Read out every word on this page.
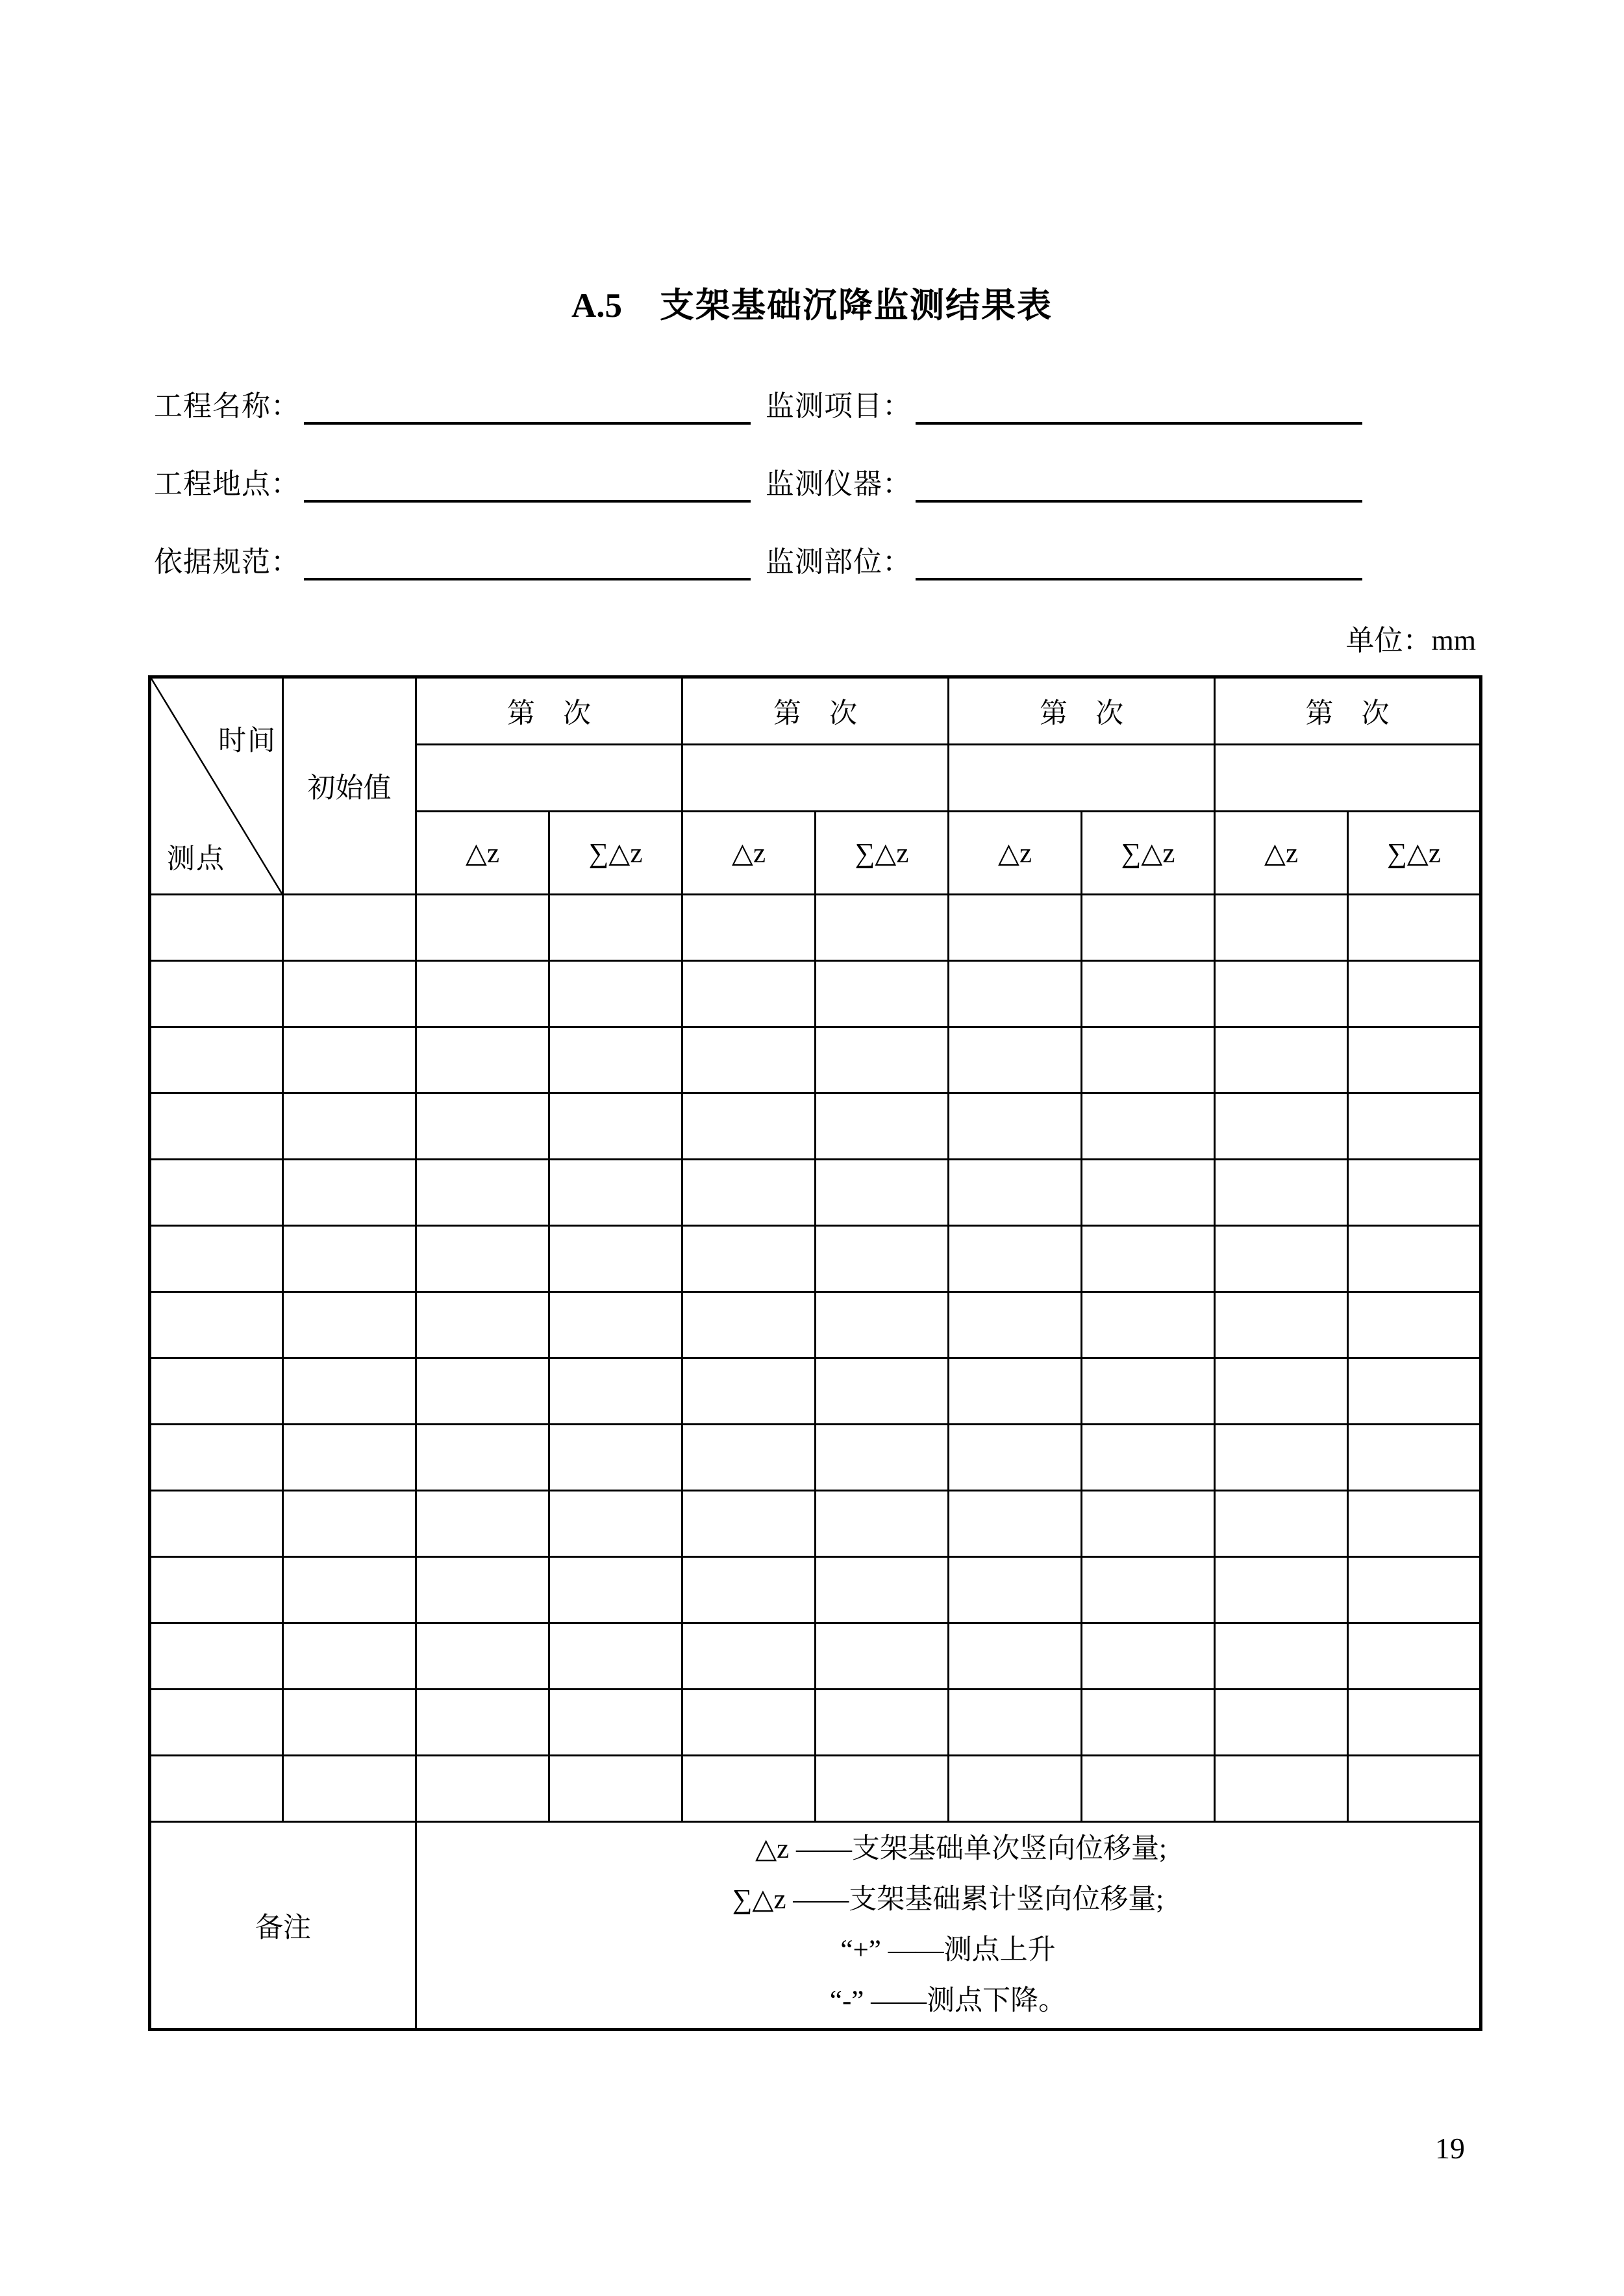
A.5 支架基础沉降监测结果表
工程名称：	监测项目：
工程地点：	监测仪器：
依据规范：	监测部位：
单位：mm
时间
测点	初始值	第　次		第　次		第　次		第　次	

		△z	∑△z	△z	∑△z	△z	∑△z	△z	∑△z

备注		△z ——支架基础单次竖向位移量;
∑△z ——支架基础累计竖向位移量;
“+” ——测点上升
“-” ——测点下降。							
19
